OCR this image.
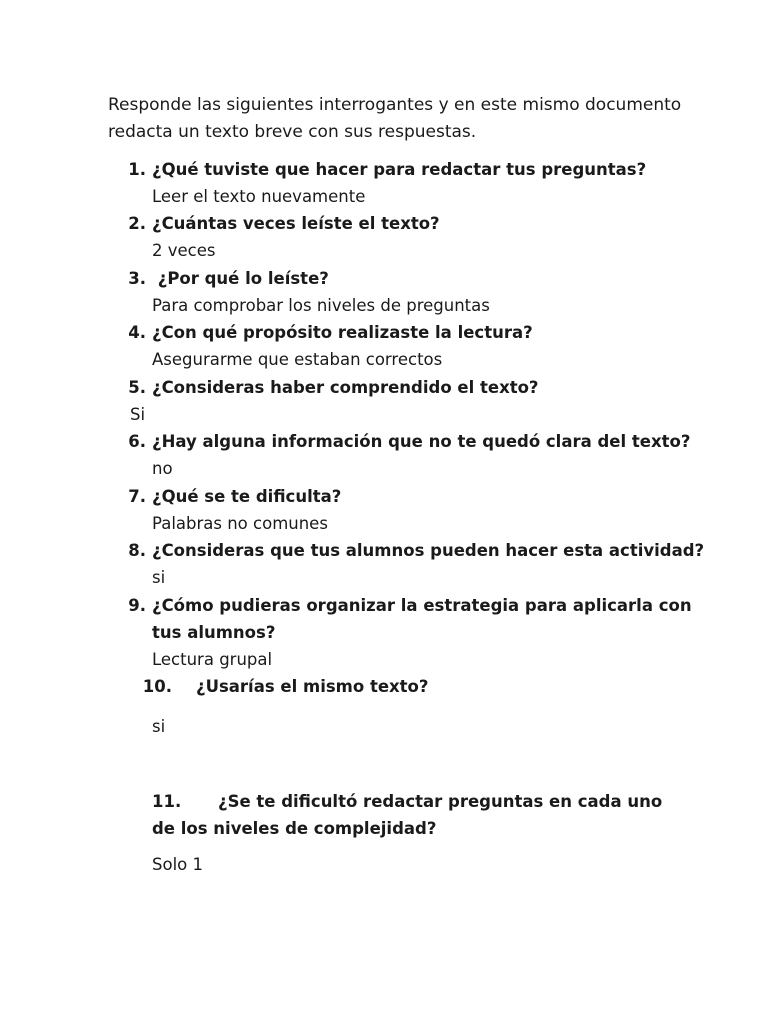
Responde las siguientes interrogantes y en este mismo documento redacta un texto breve con sus respuestas.

1. ¿Qué tuviste que hacer para redactar tus preguntas?
Leer el texto nuevamente
2. ¿Cuántas veces leíste el texto?
2 veces
3. ¿Por qué lo leíste?
Para comprobar los niveles de preguntas
4. ¿Con qué propósito realizaste la lectura?
Asegurarme que estaban correctos
5. ¿Consideras haber comprendido el texto?
Si
6. ¿Hay alguna información que no te quedó clara del texto?
no
7. ¿Qué se te dificulta?
Palabras no comunes
8. ¿Consideras que tus alumnos pueden hacer esta actividad?
si
9. ¿Cómo pudieras organizar la estrategia para aplicarla con tus alumnos?
Lectura grupal
10. ¿Usarías el mismo texto?
si
11. ¿Se te dificultó redactar preguntas en cada uno de los niveles de complejidad?
Solo 1
